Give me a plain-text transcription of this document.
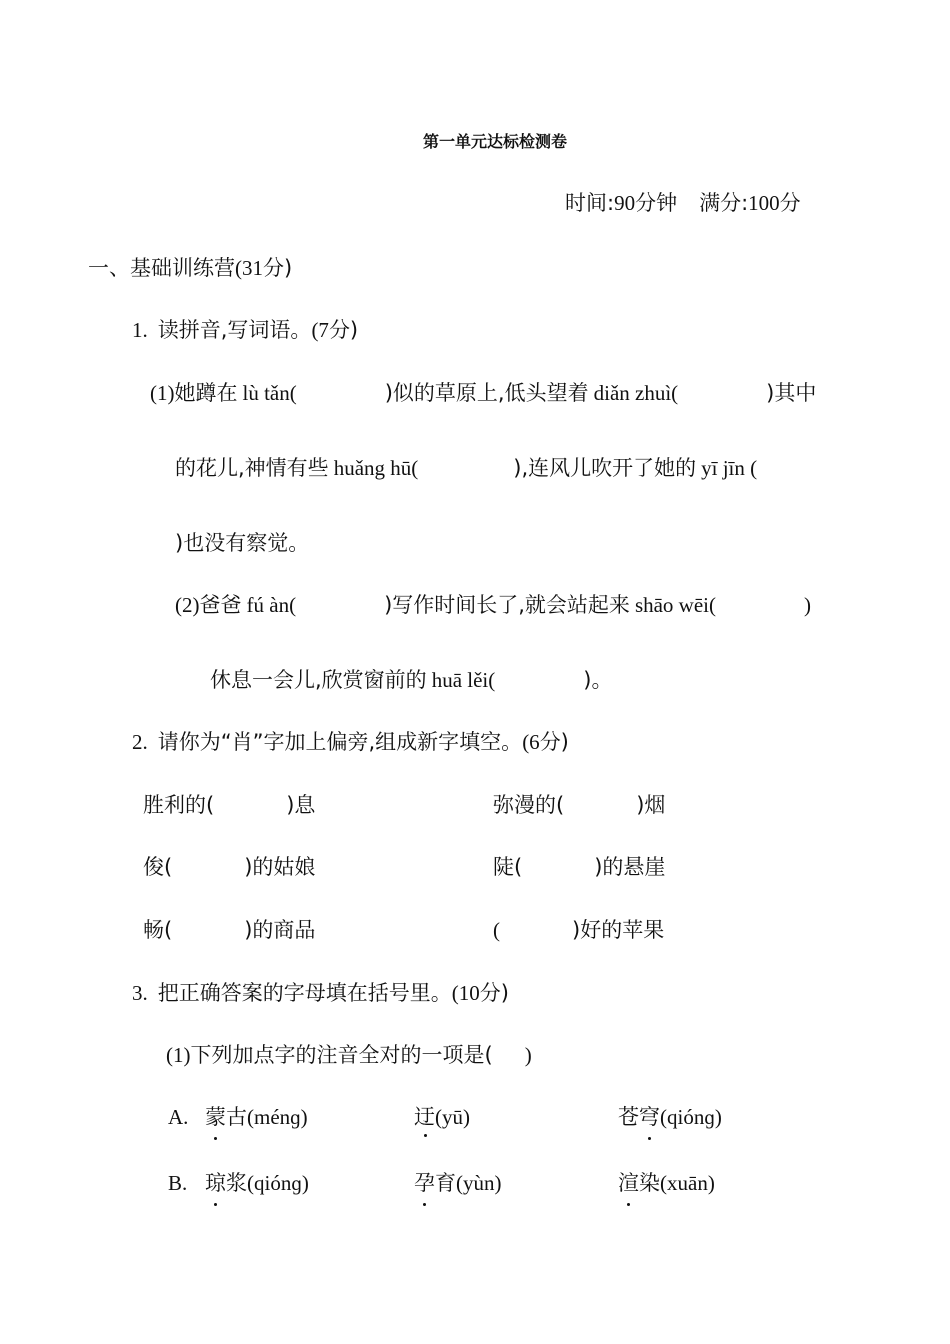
第一单元达标检测卷
时间:90分钟 满分:100分
一、基础训练营(31分)
1. 读拼音,写词语。(7分)
(1)她蹲在 lù tǎn(	)似的草原上,低头望着 diǎn zhuì(	)其中
的花儿,神情有些 huǎng hū(	),连风儿吹开了她的 yī jīn (
)也没有察觉。
(2)爸爸 fú àn(	)写作时间长了,就会站起来 shāo wēi(	)
休息一会儿,欣赏窗前的 huā lěi(	)。
2. 请你为“肖”字加上偏旁,组成新字填空。(6分)
胜利的(	)息	弥漫的(	)烟
俊(	)的姑娘	陡(	)的悬崖
畅(	)的商品	(	)好的苹果
3. 把正确答案的字母填在括号里。(10分)
(1)下列加点字的注音全对的一项是( )
A. 蒙古(ménɡ)	迂(yū)	苍穹(qiónɡ)
B. 琼浆(qiónɡ)	孕育(yùn)	渲染(xuān)
